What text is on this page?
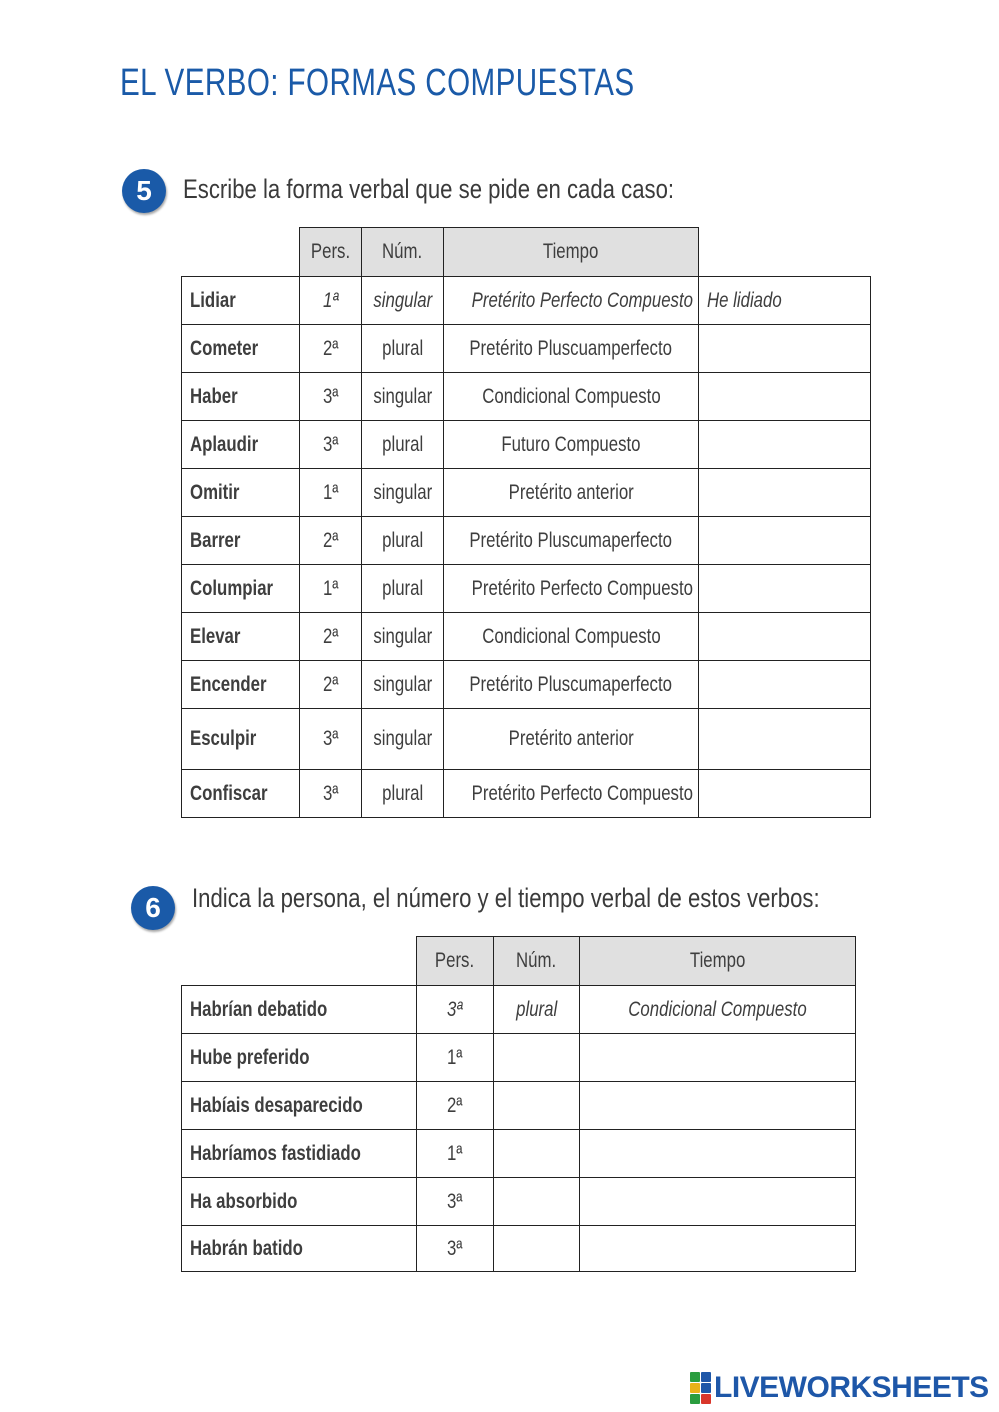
EL VERBO: FORMAS COMPUESTAS
5	Escribe la forma verbal que se pide en cada caso:
	Pers.	Núm.	Tiempo	
Lidiar	1ª	singular	Pretérito Perfecto Compuesto	He lidiado
Cometer	2ª	plural	Pretérito Pluscuamperfecto	
Haber	3ª	singular	Condicional Compuesto	
Aplaudir	3ª	plural	Futuro Compuesto	
Omitir	1ª	singular	Pretérito anterior	
Barrer	2ª	plural	Pretérito Pluscumaperfecto	
Columpiar	1ª	plural	Pretérito Perfecto Compuesto	
Elevar	2ª	singular	Condicional Compuesto	
Encender	2ª	singular	Pretérito Pluscumaperfecto	
Esculpir	3ª	singular	Pretérito anterior	
Confiscar	3ª	plural	Pretérito Perfecto Compuesto	
6	Indica la persona, el número y el tiempo verbal de estos verbos:
	Pers.	Núm.	Tiempo
Habrían debatido	3ª	plural	Condicional Compuesto
Hube preferido	1ª		
Habíais desaparecido	2ª		
Habríamos fastidiado	1ª		
Ha absorbido	3ª		
Habrán batido	3ª		
LIVEWORKSHEETS
